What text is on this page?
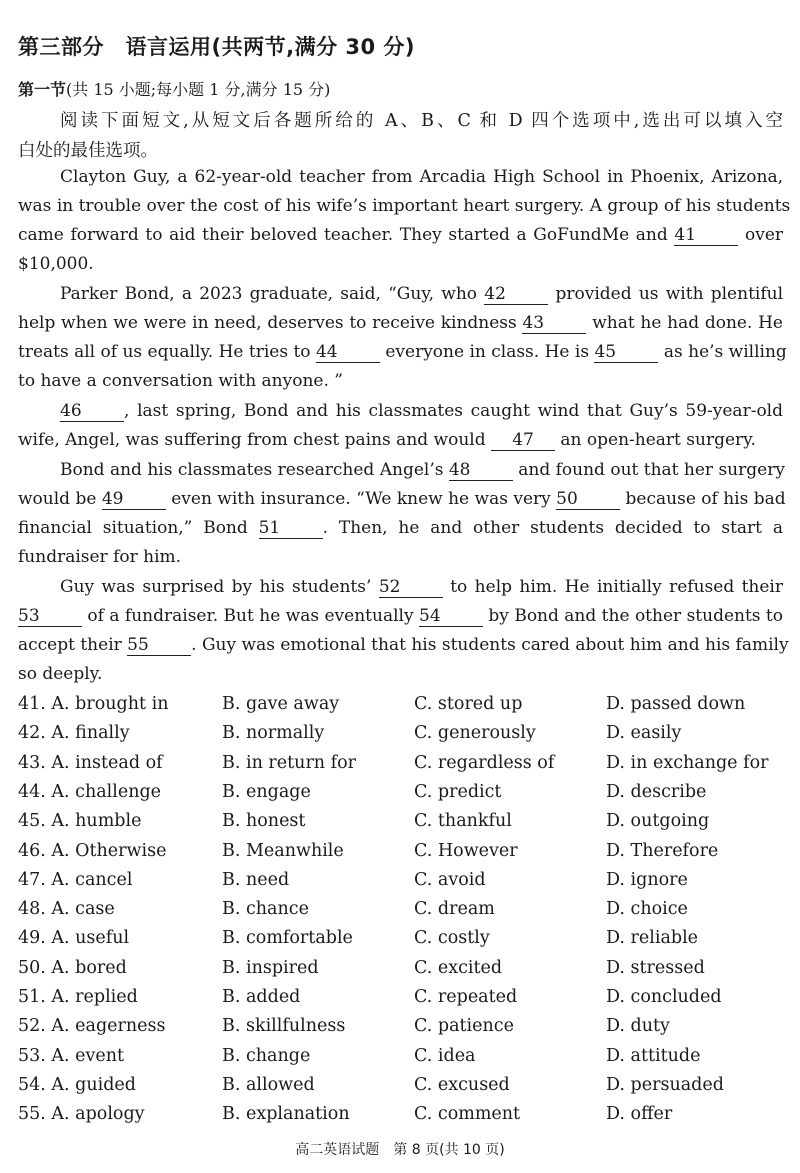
第三部分　语言运用(共两节,满分 30 分)
第一节(共 15 小题;每小题 1 分,满分 15 分)
阅读下面短文,从短文后各题所给的 A、B、C 和 D 四个选项中,选出可以填入空
白处的最佳选项。
Clayton Guy, a 62-year-old teacher from Arcadia High School in Phoenix, Arizona,
was in trouble over the cost of his wife’s important heart surgery. A group of his students
came forward to aid their beloved teacher. They started a GoFundMe and 41	over
$10,000.
Parker Bond, a 2023 graduate, said, “Guy, who 42	provided us with plentiful
help when we were in need, deserves to receive kindness 43	what he had done. He
treats all of us equally. He tries to 44	everyone in class. He is 45	as he’s willing
to have a conversation with anyone. ”
46 , last spring, Bond and his classmates caught wind that Guy’s 59-year-old
wife, Angel, was suffering from chest pains and would 47 an open-heart surgery.
Bond and his classmates researched Angel’s 48	and found out that her surgery
would be 49	even with insurance. “We knew he was very 50	because of his bad
financial situation,” Bond 51 . Then, he and other students decided to start a
fundraiser for him.
Guy was surprised by his students’ 52	to help him. He initially refused their
53	of a fundraiser. But he was eventually 54	by Bond and the other students to
accept their 55 . Guy was emotional that his students cared about him and his family
so deeply.
41. A. brought in	B. gave away	C. stored up	D. passed down
42. A. finally	B. normally	C. generously	D. easily
43. A. instead of	B. in return for	C. regardless of	D. in exchange for
44. A. challenge	B. engage	C. predict	D. describe
45. A. humble	B. honest	C. thankful	D. outgoing
46. A. Otherwise	B. Meanwhile	C. However	D. Therefore
47. A. cancel	B. need	C. avoid	D. ignore
48. A. case	B. chance	C. dream	D. choice
49. A. useful	B. comfortable	C. costly	D. reliable
50. A. bored	B. inspired	C. excited	D. stressed
51. A. replied	B. added	C. repeated	D. concluded
52. A. eagerness	B. skillfulness	C. patience	D. duty
53. A. event	B. change	C. idea	D. attitude
54. A. guided	B. allowed	C. excused	D. persuaded
55. A. apology	B. explanation	C. comment	D. offer
高二英语试题　第 8 页(共 10 页)
